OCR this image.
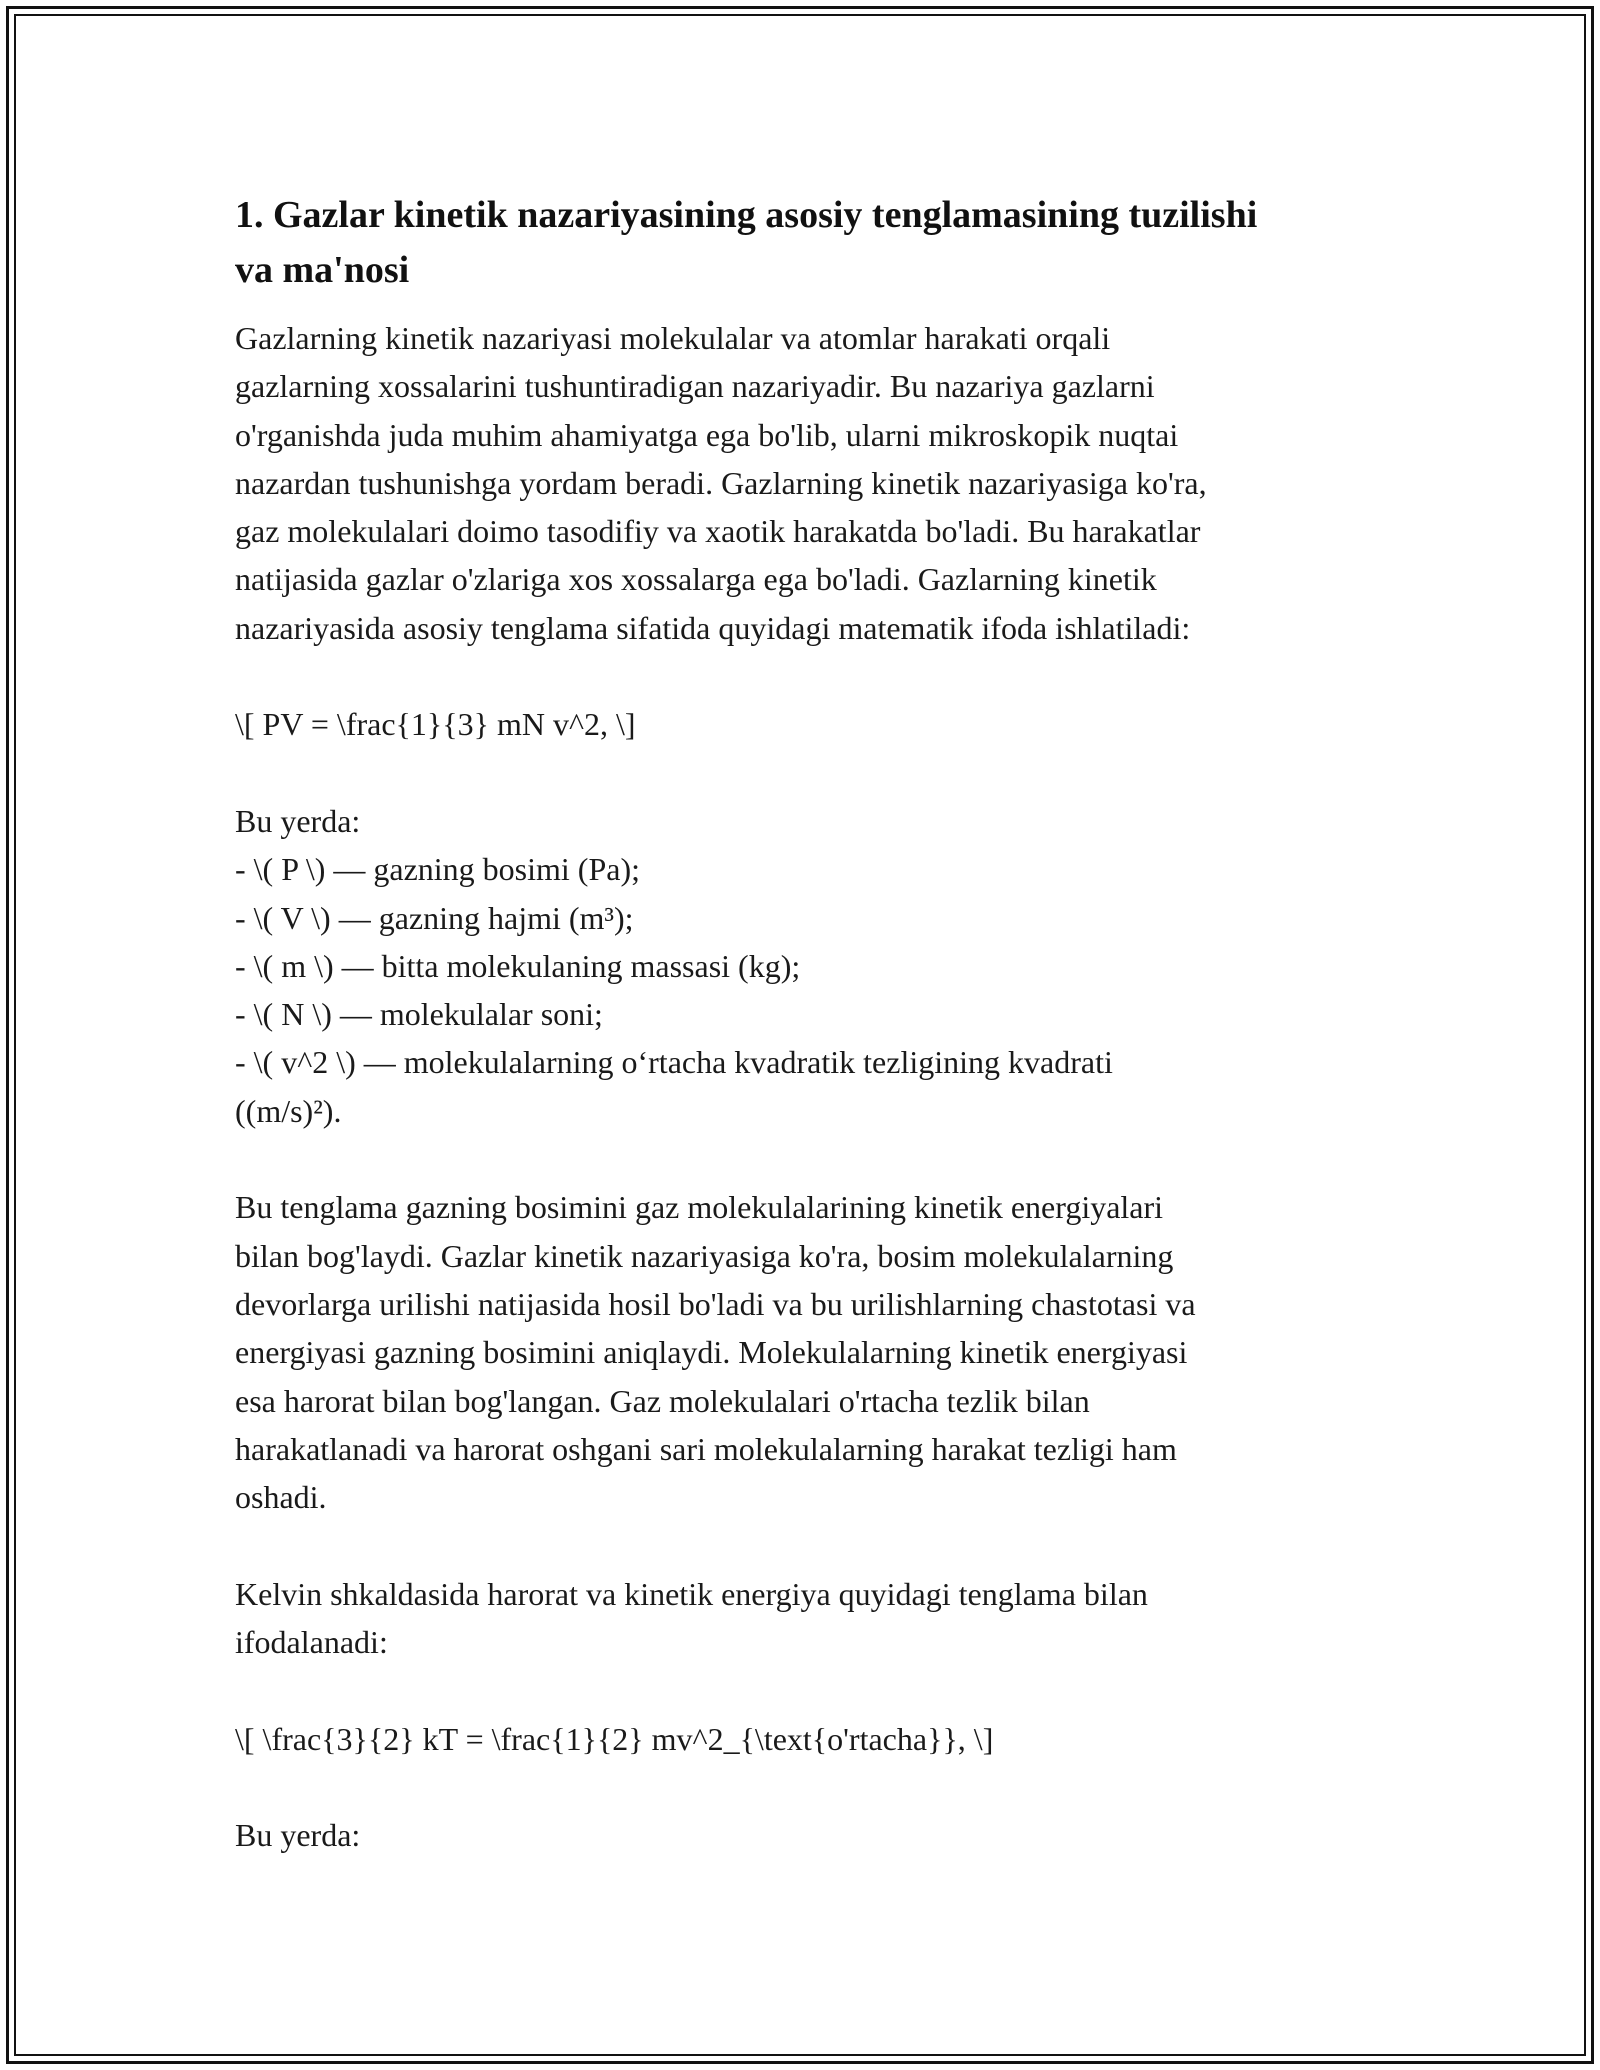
1. Gazlar kinetik nazariyasining asosiy tenglamasining tuzilishi
va ma'nosi
Gazlarning kinetik nazariyasi molekulalar va atomlar harakati orqali
gazlarning xossalarini tushuntiradigan nazariyadir. Bu nazariya gazlarni
o'rganishda juda muhim ahamiyatga ega bo'lib, ularni mikroskopik nuqtai
nazardan tushunishga yordam beradi. Gazlarning kinetik nazariyasiga ko'ra,
gaz molekulalari doimo tasodifiy va xaotik harakatda bo'ladi. Bu harakatlar
natijasida gazlar o'zlariga xos xossalarga ega bo'ladi. Gazlarning kinetik
nazariyasida asosiy tenglama sifatida quyidagi matematik ifoda ishlatiladi:
\[ PV = \frac{1}{3} mN v^2, \]
Bu yerda:
- \( P \) — gazning bosimi (Pa);
- \( V \) — gazning hajmi (m³);
- \( m \) — bitta molekulaning massasi (kg);
- \( N \) — molekulalar soni;
- \( v^2 \) — molekulalarning oʻrtacha kvadratik tezligining kvadrati
((m/s)²).
Bu tenglama gazning bosimini gaz molekulalarining kinetik energiyalari
bilan bog'laydi. Gazlar kinetik nazariyasiga ko'ra, bosim molekulalarning
devorlarga urilishi natijasida hosil bo'ladi va bu urilishlarning chastotasi va
energiyasi gazning bosimini aniqlaydi. Molekulalarning kinetik energiyasi
esa harorat bilan bog'langan. Gaz molekulalari o'rtacha tezlik bilan
harakatlanadi va harorat oshgani sari molekulalarning harakat tezligi ham
oshadi.
Kelvin shkaldasida harorat va kinetik energiya quyidagi tenglama bilan
ifodalanadi:
\[ \frac{3}{2} kT = \frac{1}{2} mv^2_{\text{o'rtacha}}, \]
Bu yerda:
